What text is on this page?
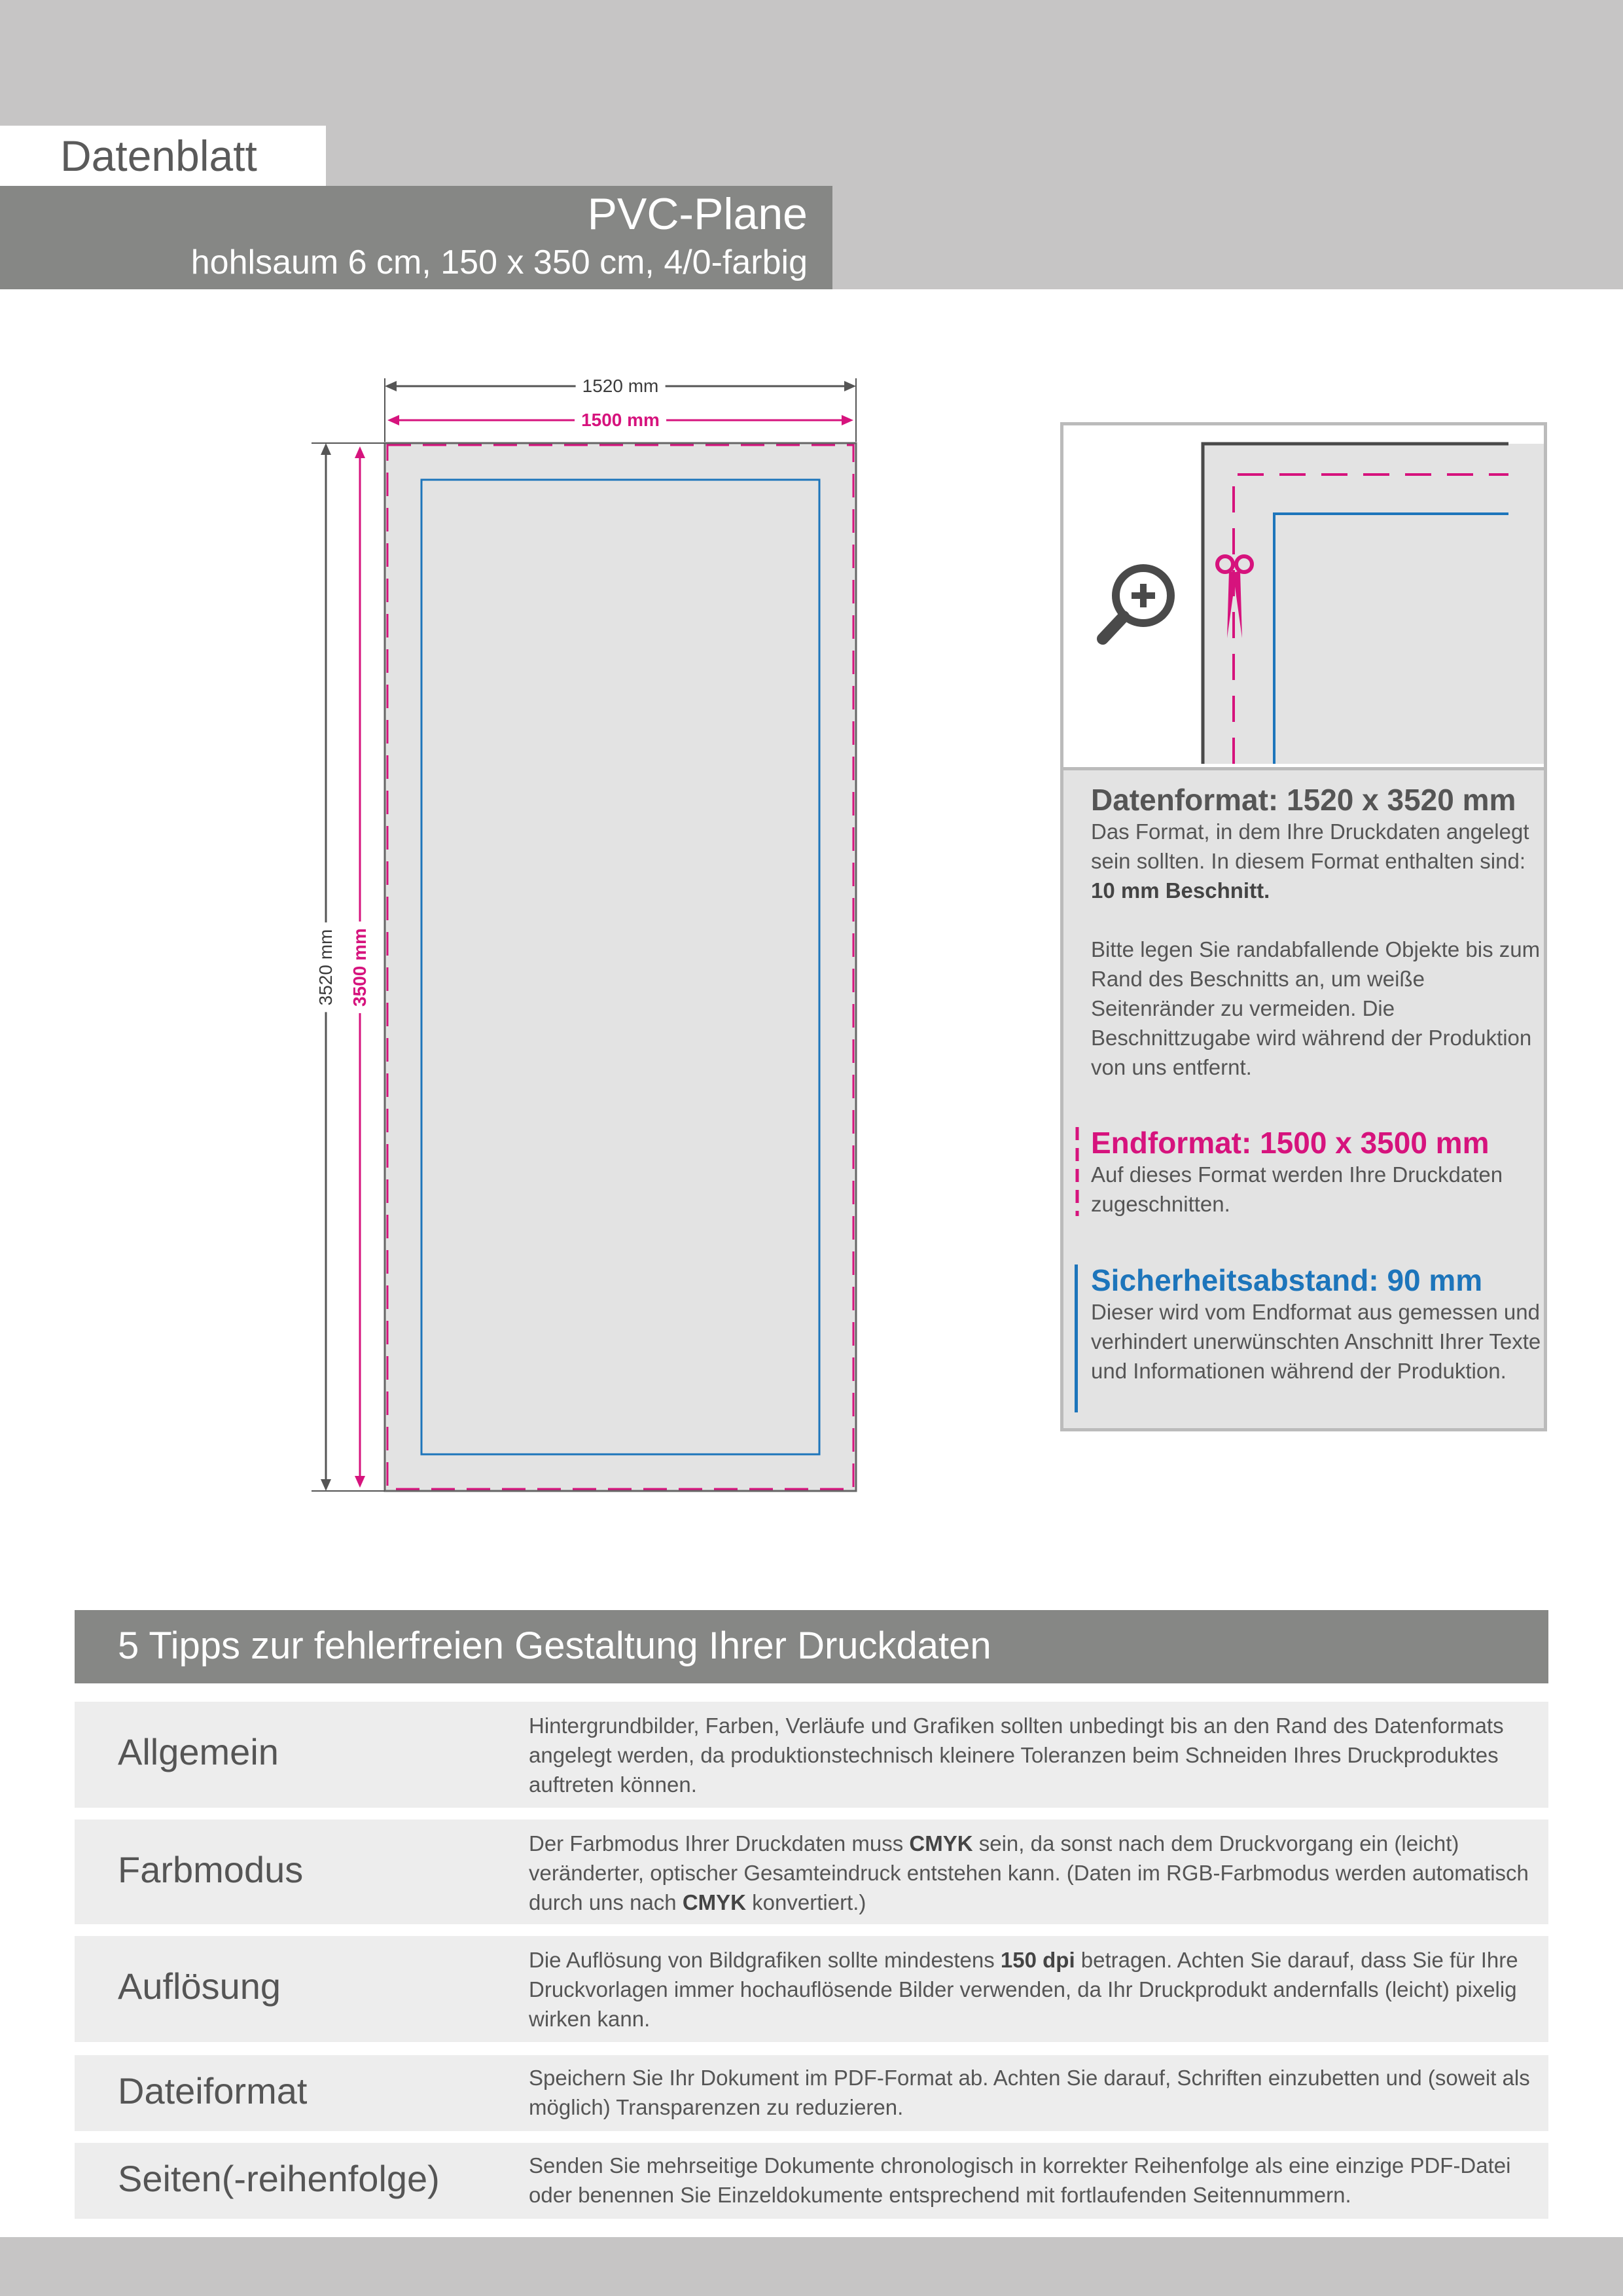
Datenblatt
PVC-Plane
hohlsaum 6 cm, 150 x 350 cm, 4/0-farbig
1520 mm
1500 mm
3520 mm 3500 mm
Datenformat: 1520 x 3520 mm
Das Format, in dem Ihre Druckdaten angelegt sein sollten. In diesem Format enthalten sind: 10 mm Beschnitt.
Bitte legen Sie randabfallende Objekte bis zum Rand des Beschnitts an, um weiße Seitenränder zu vermeiden. Die Beschnittzugabe wird während der Produktion von uns entfernt.
Endformat: 1500 x 3500 mm
Auf dieses Format werden Ihre Druckdaten zugeschnitten.
Sicherheitsabstand: 90 mm
Dieser wird vom Endformat aus gemessen und verhindert unerwünschten Anschnitt Ihrer Texte und Informationen während der Produktion.
5 Tipps zur fehlerfreien Gestaltung Ihrer Druckdaten
Allgemein
Hintergrundbilder, Farben, Verläufe und Grafiken sollten unbedingt bis an den Rand des Datenformats angelegt werden, da produktionstechnisch kleinere Toleranzen beim Schneiden Ihres Druckproduktes auftreten können.
Farbmodus
Der Farbmodus Ihrer Druckdaten muss CMYK sein, da sonst nach dem Druckvorgang ein (leicht) veränderter, optischer Gesamteindruck entstehen kann. (Daten im RGB-Farbmodus werden automatisch durch uns nach CMYK konvertiert.)
Auflösung
Die Auflösung von Bildgrafiken sollte mindestens 150 dpi betragen. Achten Sie darauf, dass Sie für Ihre Druckvorlagen immer hochauflösende Bilder verwenden, da Ihr Druckprodukt andernfalls (leicht) pixelig wirken kann.
Dateiformat	Speichern Sie Ihr Dokument im PDF-Format ab. Achten Sie darauf, Schriften einzubetten und (soweit als möglich) Transparenzen zu reduzieren.
Seiten(-reihenfolge)	Senden Sie mehrseitige Dokumente chronologisch in korrekter Reihenfolge als eine einzige PDF-Datei oder benennen Sie Einzeldokumente entsprechend mit fortlaufenden Seitennummern.
